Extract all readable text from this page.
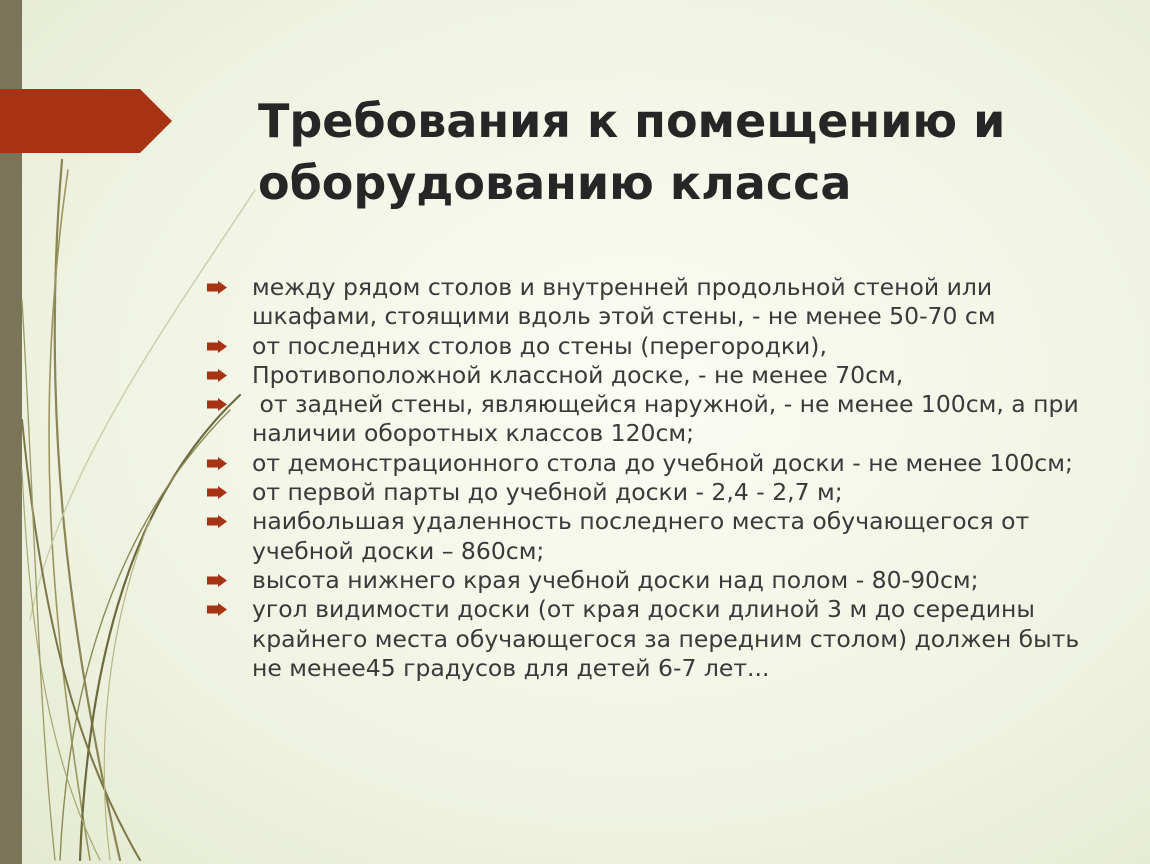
Требования к помещению и
оборудованию класса
между рядом столов и внутренней продольной стеной или шкафами, стоящими вдоль этой стены, - не менее 50-70 см
от последних столов до стены (перегородки),
Противоположной классной доске, - не менее 70см,
от задней стены, являющейся наружной, - не менее 100см, а при наличии оборотных классов 120см;
от демонстрационного стола до учебной доски - не менее 100см;
от первой парты до учебной доски - 2,4 - 2,7 м;
наибольшая удаленность последнего места обучающегося от учебной доски – 860см;
высота нижнего края учебной доски над полом - 80-90см;
угол видимости доски (от края доски длиной 3 м до середины крайнего места обучающегося за передним столом) должен быть не менее45 градусов для детей 6-7 лет...
